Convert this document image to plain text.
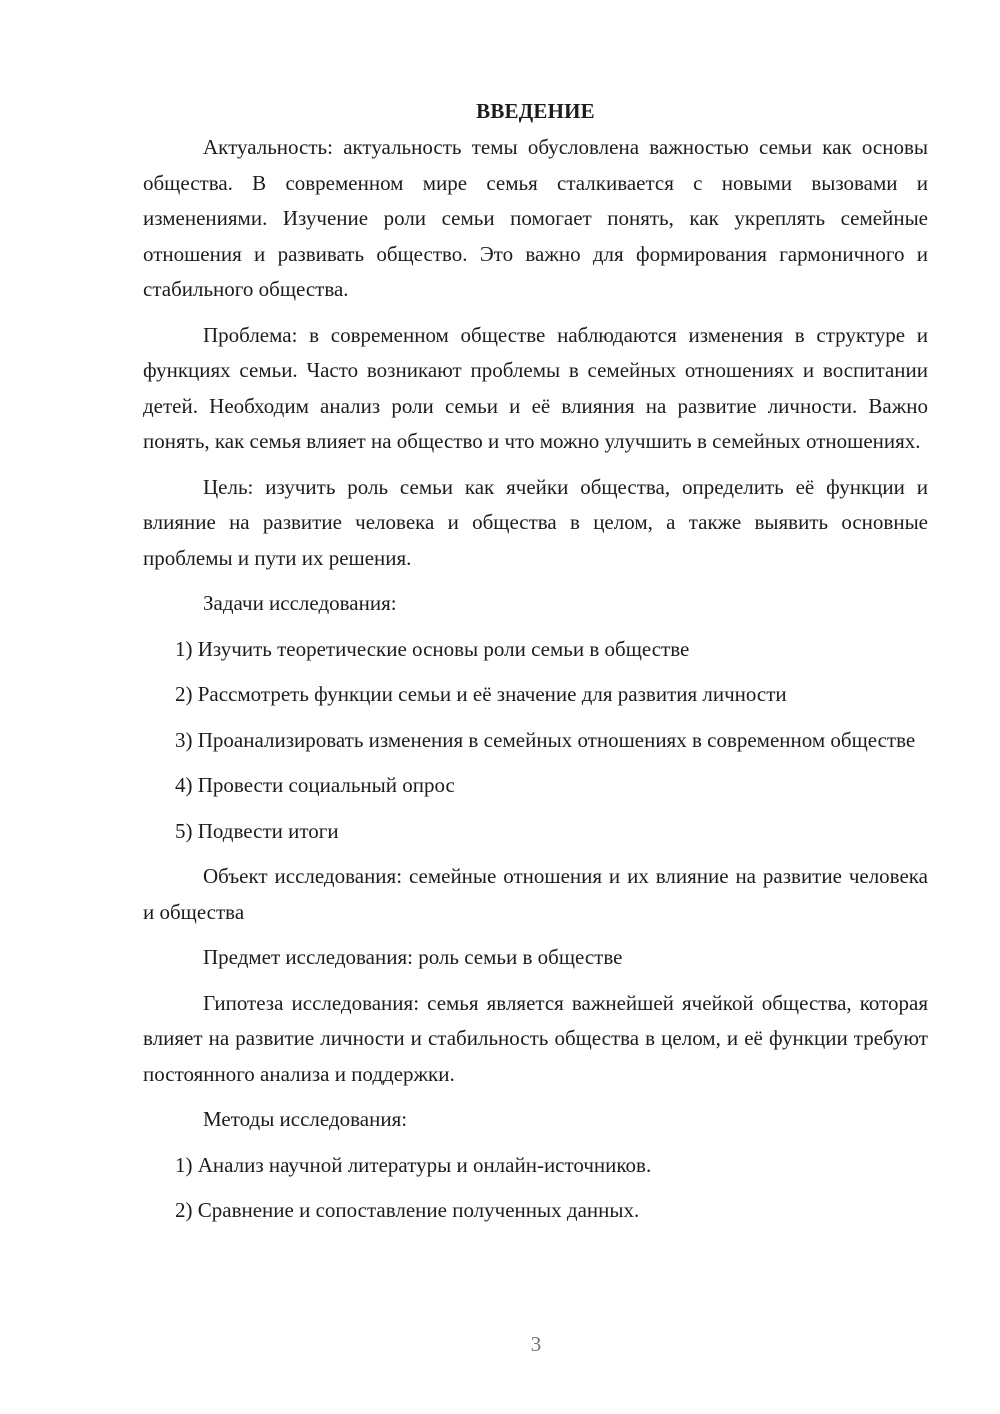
ВВЕДЕНИЕ

Актуальность: актуальность темы обусловлена важностью семьи как основы общества. В современном мире семья сталкивается с новыми вызовами и изменениями. Изучение роли семьи помогает понять, как укреплять семейные отношения и развивать общество. Это важно для формирования гармоничного и стабильного общества.

Проблема: в современном обществе наблюдаются изменения в структуре и функциях семьи. Часто возникают проблемы в семейных отношениях и воспитании детей. Необходим анализ роли семьи и её влияния на развитие личности. Важно понять, как семья влияет на общество и что можно улучшить в семейных отношениях.

Цель: изучить роль семьи как ячейки общества, определить её функции и влияние на развитие человека и общества в целом, а также выявить основные проблемы и пути их решения.

Задачи исследования:

1) Изучить теоретические основы роли семьи в обществе

2) Рассмотреть функции семьи и её значение для развития личности

3) Проанализировать изменения в семейных отношениях в современном обществе

4) Провести социальный опрос

5) Подвести итоги

Объект исследования: семейные отношения и их влияние на развитие человека и общества

Предмет исследования: роль семьи в обществе

Гипотеза исследования: семья является важнейшей ячейкой общества, которая влияет на развитие личности и стабильность общества в целом, и её функции требуют постоянного анализа и поддержки.

Методы исследования:

1) Анализ научной литературы и онлайн-источников.

2) Сравнение и сопоставление полученных данных.

3
